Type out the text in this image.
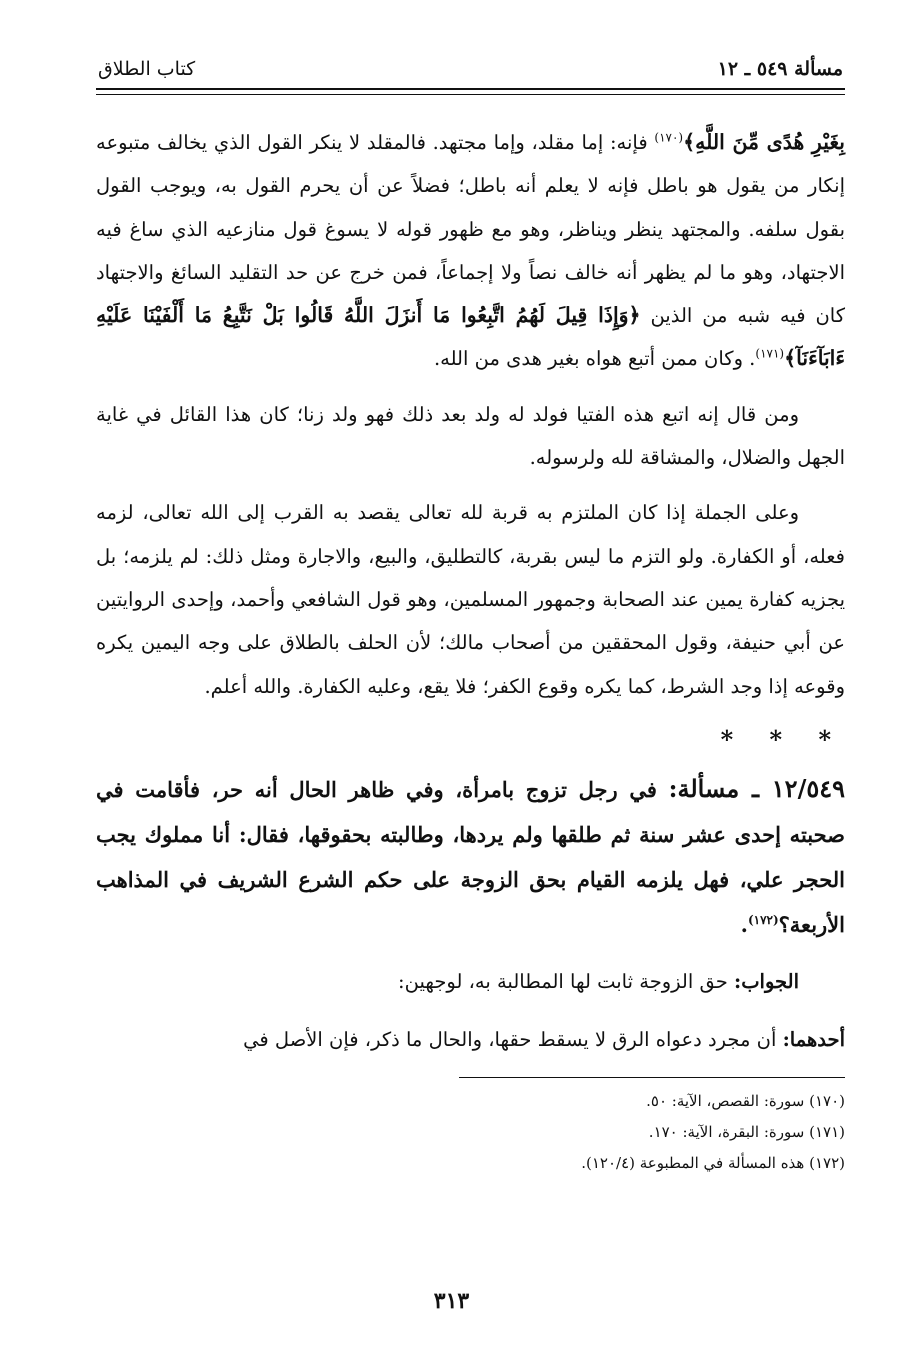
مسألة ٥٤٩ ـ ١٢
كتاب الطلاق

بِغَيْرِ هُدًى مِّنَ اللَّهِ﴾$^{(١٧٠)}$ فإنه: إما مقلد، وإما مجتهد. فالمقلد لا ينكر القول الذي يخالف متبوعه إنكار من يقول هو باطل فإنه لا يعلم أنه باطل؛ فضلاً عن أن يحرم القول به، ويوجب القول بقول سلفه. والمجتهد ينظر ويناظر، وهو مع ظهور قوله لا يسوغ قول منازعيه الذي ساغ فيه الاجتهاد، وهو ما لم يظهر أنه خالف نصاً ولا إجماعاً، فمن خرج عن حد التقليد السائغ والاجتهاد كان فيه شبه من الذين ﴿وَإِذَا قِيلَ لَهُمُ اتَّبِعُوا مَا أَنزَلَ اللَّهُ قَالُوا بَلْ نَتَّبِعُ مَا أَلْفَيْنَا عَلَيْهِ ءَابَآءَنَآ﴾$^{(١٧١)}$. وكان ممن أتبع هواه بغير هدى من الله.

ومن قال إنه اتبع هذه الفتيا فولد له ولد بعد ذلك فهو ولد زنا؛ كان هذا القائل في غاية الجهل والضلال، والمشاقة لله ولرسوله.

وعلى الجملة إذا كان الملتزم به قربة لله تعالى يقصد به القرب إلى الله تعالى، لزمه فعله، أو الكفارة. ولو التزم ما ليس بقربة، كالتطليق، والبيع، والاجارة ومثل ذلك: لم يلزمه؛ بل يجزيه كفارة يمين عند الصحابة وجمهور المسلمين، وهو قول الشافعي وأحمد، وإحدى الروايتين عن أبي حنيفة، وقول المحققين من أصحاب مالك؛ لأن الحلف بالطلاق على وجه اليمين يكره وقوعه إذا وجد الشرط، كما يكره وقوع الكفر؛ فلا يقع، وعليه الكفارة. والله أعلم.

* * *

١٢/٥٤٩ ـ مسألة: في رجل تزوج بامرأة، وفي ظاهر الحال أنه حر، فأقامت في صحبته إحدى عشر سنة ثم طلقها ولم يردها، وطالبته بحقوقها، فقال: أنا مملوك يجب الحجر علي، فهل يلزمه القيام بحق الزوجة على حكم الشرع الشريف في المذاهب الأربعة؟$^{(١٧٢)}$.

الجواب: حق الزوجة ثابت لها المطالبة به، لوجهين:

أحدهما: أن مجرد دعواه الرق لا يسقط حقها، والحال ما ذكر، فإن الأصل في

(١٧٠) سورة: القصص، الآية: ٥٠.
(١٧١) سورة: البقرة، الآية: ١٧٠.
(١٧٢) هذه المسألة في المطبوعة (١٢٠/٤).
٣١٣
